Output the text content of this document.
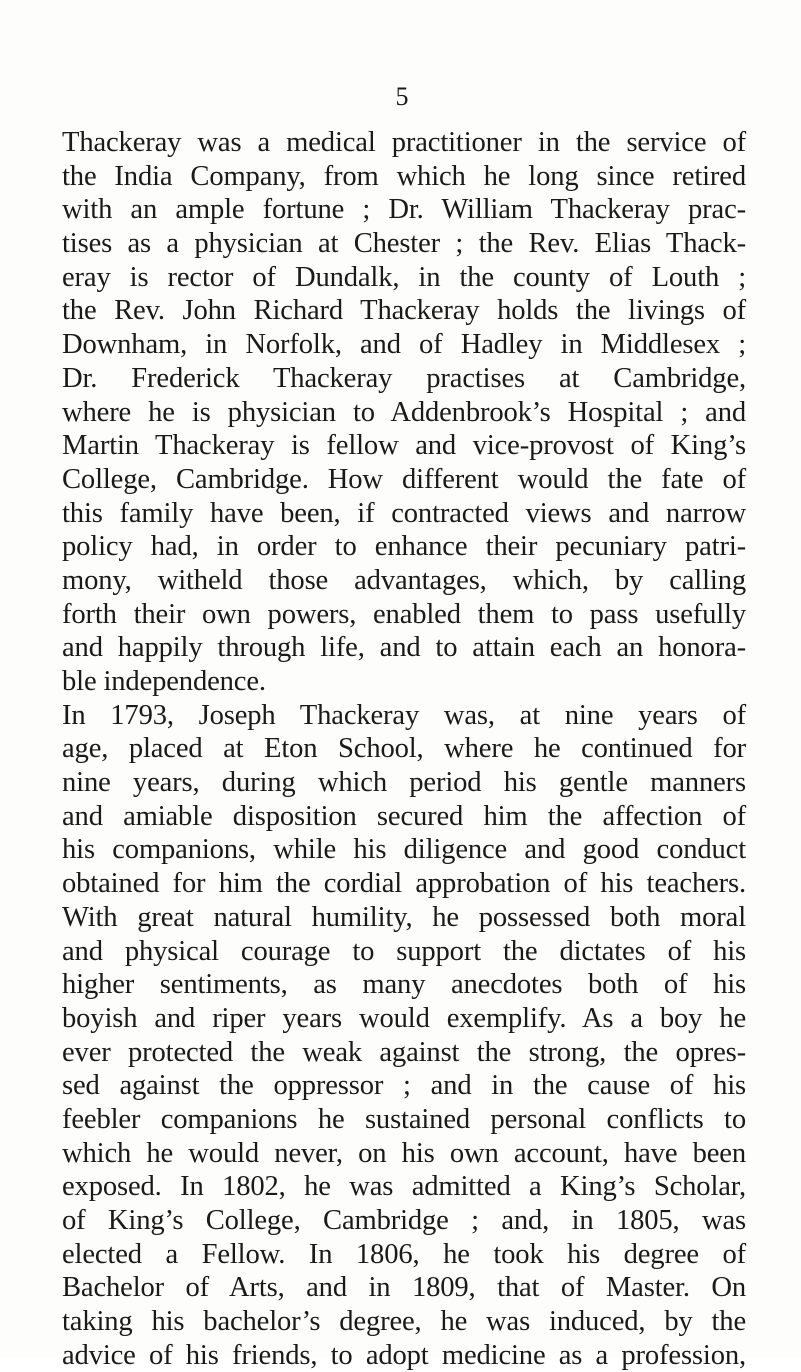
5
Thackeray was a medical practitioner in the service of
the India Company, from which he long since retired
with an ample fortune ; Dr. William Thackeray prac-
tises as a physician at Chester ; the Rev. Elias Thack-
eray is rector of Dundalk, in the county of Louth ;
the Rev. John Richard Thackeray holds the livings of
Downham, in Norfolk, and of Hadley in Middlesex ;
Dr. Frederick Thackeray practises at Cambridge,
where he is physician to Addenbrook’s Hospital ; and
Martin Thackeray is fellow and vice-provost of King’s
College, Cambridge. How different would the fate of
this family have been, if contracted views and narrow
policy had, in order to enhance their pecuniary patri-
mony, witheld those advantages, which, by calling
forth their own powers, enabled them to pass usefully
and happily through life, and to attain each an honora-
ble independence.
In 1793, Joseph Thackeray was, at nine years of
age, placed at Eton School, where he continued for
nine years, during which period his gentle manners
and amiable disposition secured him the affection of
his companions, while his diligence and good conduct
obtained for him the cordial approbation of his teachers.
With great natural humility, he possessed both moral
and physical courage to support the dictates of his
higher sentiments, as many anecdotes both of his
boyish and riper years would exemplify. As a boy he
ever protected the weak against the strong, the opres-
sed against the oppressor ; and in the cause of his
feebler companions he sustained personal conflicts to
which he would never, on his own account, have been
exposed. In 1802, he was admitted a King’s Scholar,
of King’s College, Cambridge ; and, in 1805, was
elected a Fellow. In 1806, he took his degree of
Bachelor of Arts, and in 1809, that of Master. On
taking his bachelor’s degree, he was induced, by the
advice of his friends, to adopt medicine as a profession,
